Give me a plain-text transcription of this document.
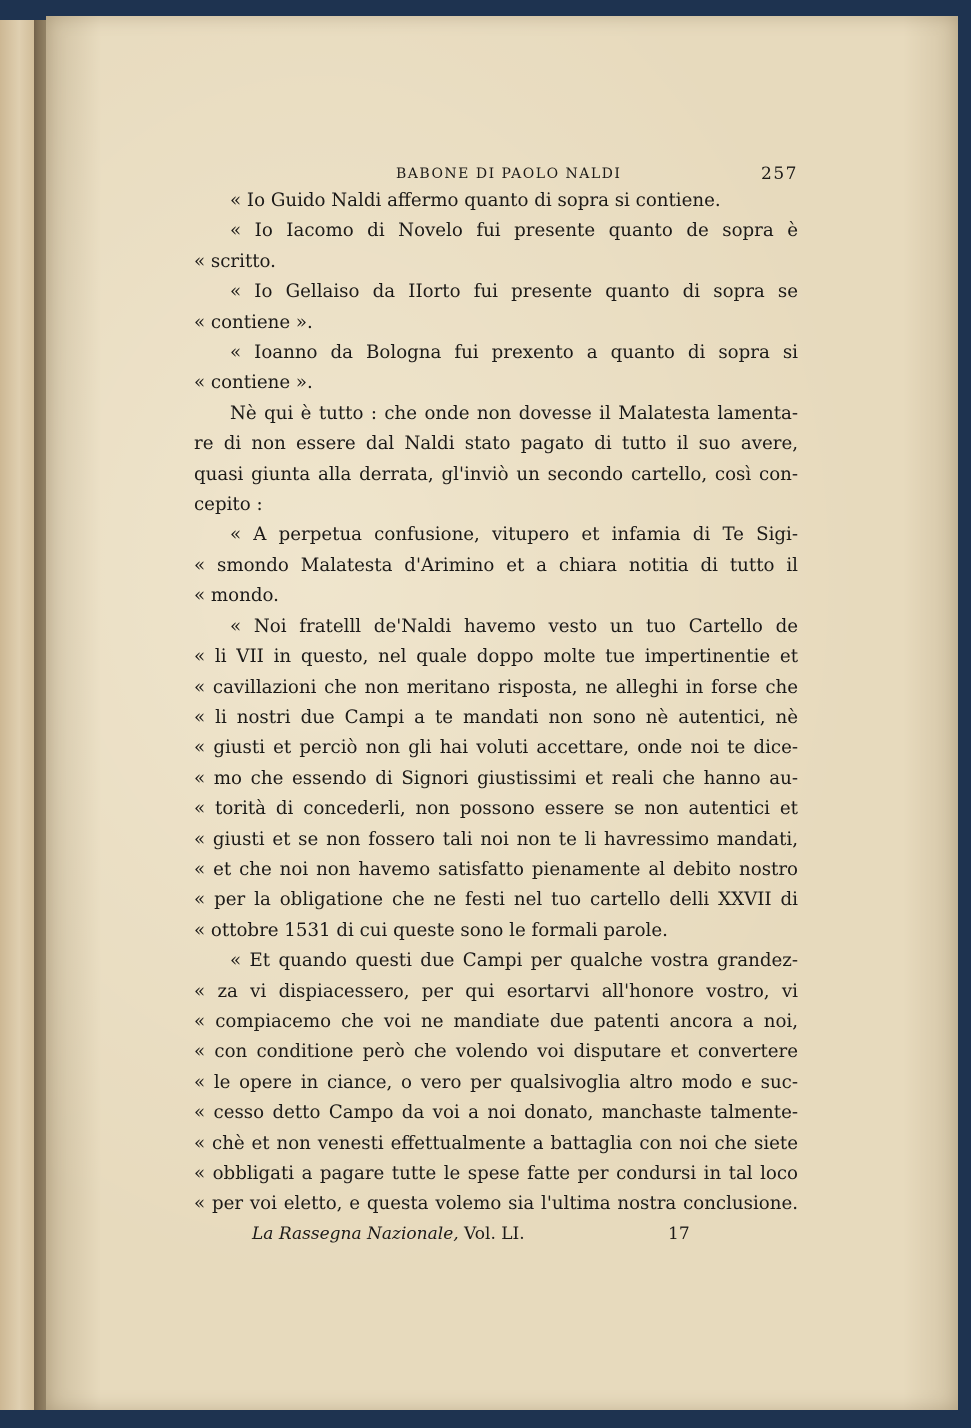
BABONE DI PAOLO NALDI	257
« Io Guido Naldi affermo quanto di sopra si contiene.
« Io Iacomo di Novelo fui presente quanto de sopra è
« scritto.
« Io Gellaiso da IIorto fui presente quanto di sopra se
« contiene ».
« Ioanno da Bologna fui prexento a quanto di sopra si
« contiene ».
Nè qui è tutto : che onde non dovesse il Malatesta lamenta-
re di non essere dal Naldi stato pagato di tutto il suo avere,
quasi giunta alla derrata, gl'inviò un secondo cartello, così con-
cepito :
« A perpetua confusione, vitupero et infamia di Te Sigi-
« smondo Malatesta d'Arimino et a chiara notitia di tutto il
« mondo.
« Noi fratelll de'Naldi havemo vesto un tuo Cartello de
« li VII in questo, nel quale doppo molte tue impertinentie et
« cavillazioni che non meritano risposta, ne alleghi in forse che
« li nostri due Campi a te mandati non sono nè autentici, nè
« giusti et perciò non gli hai voluti accettare, onde noi te dice-
« mo che essendo di Signori giustissimi et reali che hanno au-
« torità di concederli, non possono essere se non autentici et
« giusti et se non fossero tali noi non te li havressimo mandati,
« et che noi non havemo satisfatto pienamente al debito nostro
« per la obligatione che ne festi nel tuo cartello delli XXVII di
« ottobre 1531 di cui queste sono le formali parole.
« Et quando questi due Campi per qualche vostra grandez-
« za vi dispiacessero, per qui esortarvi all'honore vostro, vi
« compiacemo che voi ne mandiate due patenti ancora a noi,
« con conditione però che volendo voi disputare et convertere
« le opere in ciance, o vero per qualsivoglia altro modo e suc-
« cesso detto Campo da voi a noi donato, manchaste talmente-
« chè et non venesti effettualmente a battaglia con noi che siete
« obbligati a pagare tutte le spese fatte per condursi in tal loco
« per voi eletto, e questa volemo sia l'ultima nostra conclusione.
La Rassegna Nazionale, Vol. LI.	17
